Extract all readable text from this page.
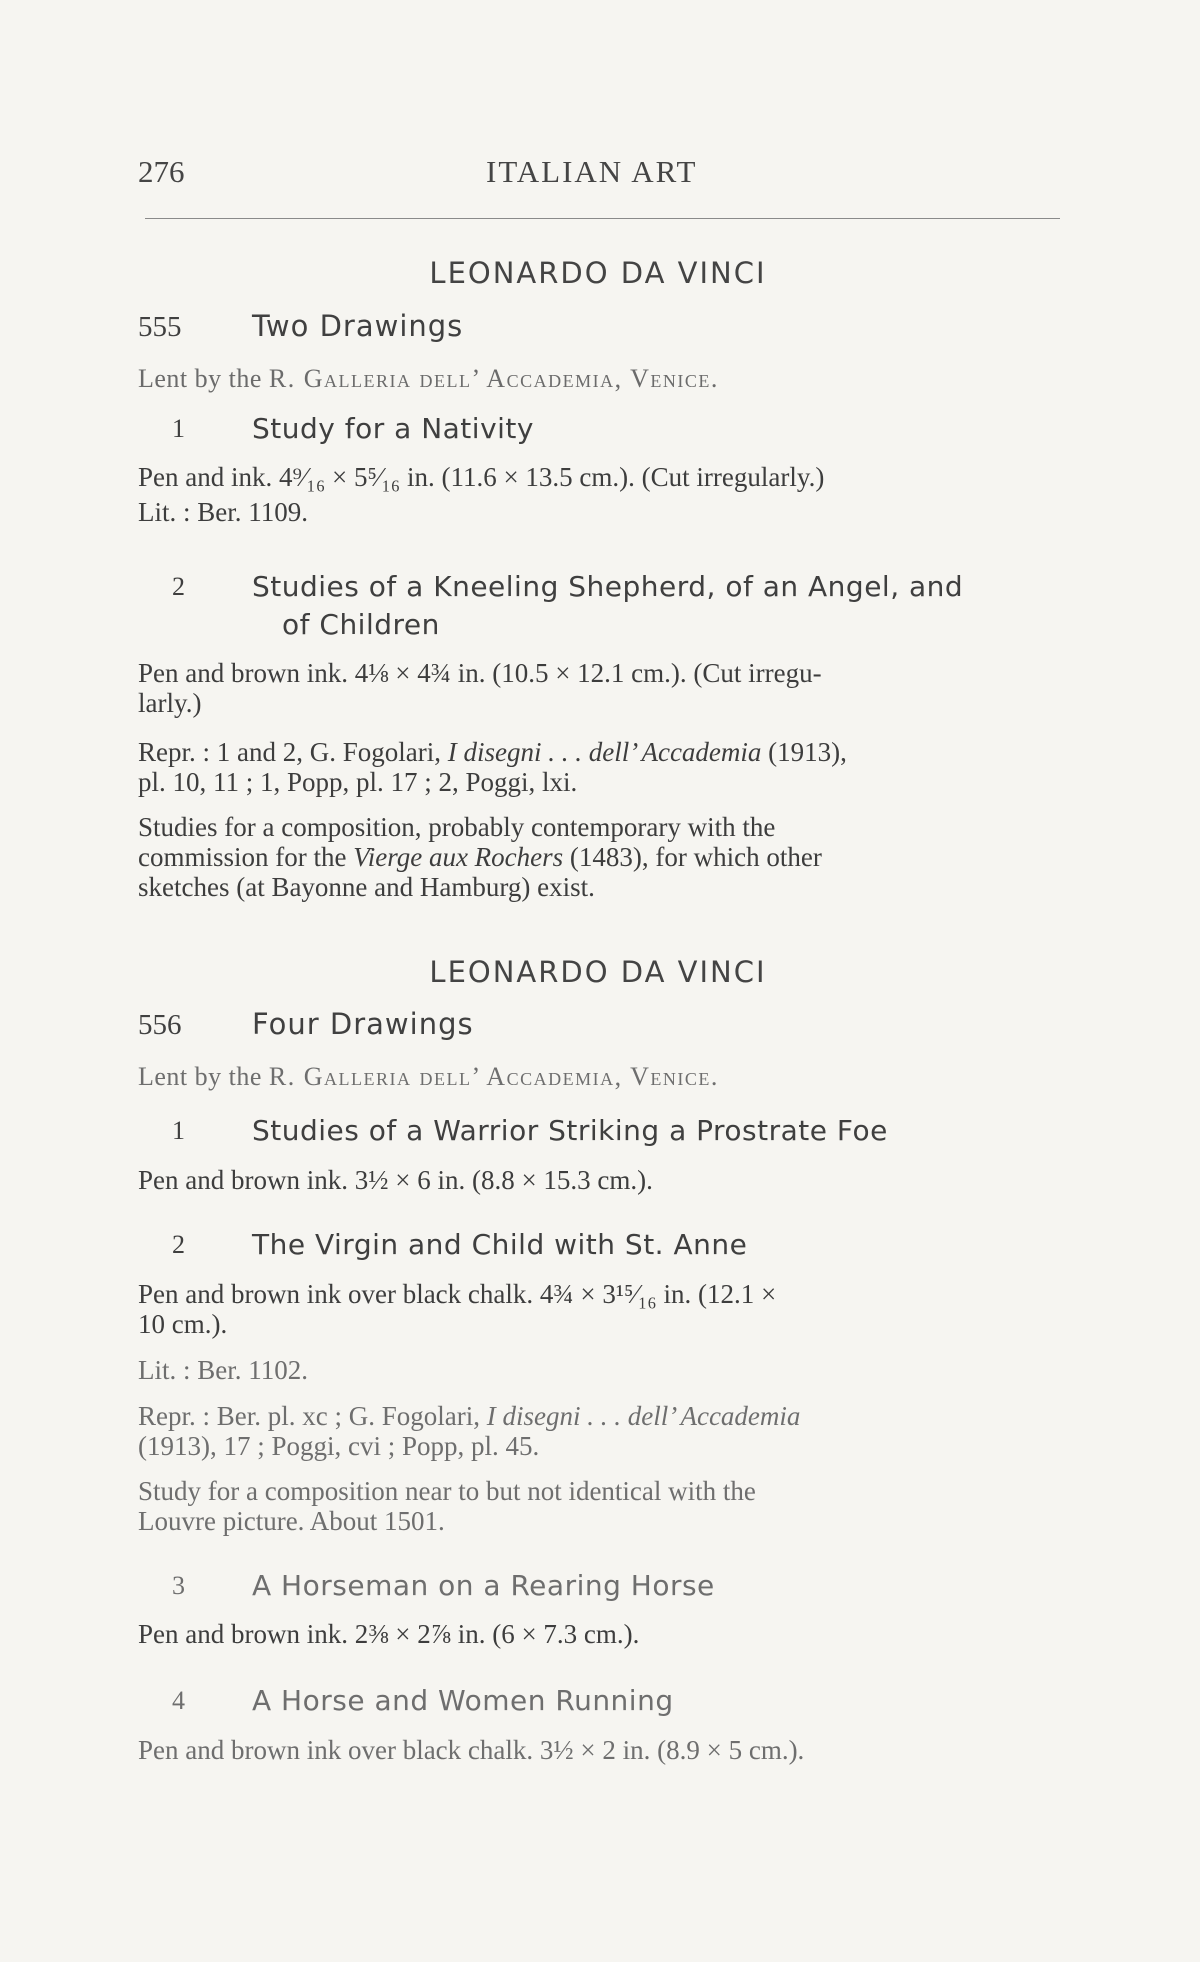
276	ITALIAN ART
LEONARDO DA VINCI
555 Two Drawings
Lent by the R. Galleria dell’ Accademia, Venice.
1 Study for a Nativity
Pen and ink. 4⁹⁄₁₆ × 5⁵⁄₁₆ in. (11.6 × 13.5 cm.). (Cut irregularly.)
Lit. : Ber. 1109.
2 Studies of a Kneeling Shepherd, of an Angel, and
of Children
Pen and brown ink. 4⅛ × 4¾ in. (10.5 × 12.1 cm.). (Cut irregu-
larly.)
Repr. : 1 and 2, G. Fogolari, I disegni . . . dell’ Accademia (1913),
pl. 10, 11 ; 1, Popp, pl. 17 ; 2, Poggi, lxi.
Studies for a composition, probably contemporary with the
commission for the Vierge aux Rochers (1483), for which other
sketches (at Bayonne and Hamburg) exist.
LEONARDO DA VINCI
556 Four Drawings
Lent by the R. Galleria dell’ Accademia, Venice.
1 Studies of a Warrior Striking a Prostrate Foe
Pen and brown ink. 3½ × 6 in. (8.8 × 15.3 cm.).
2 The Virgin and Child with St. Anne
Pen and brown ink over black chalk. 4¾ × 3¹⁵⁄₁₆ in. (12.1 ×
10 cm.).
Lit. : Ber. 1102.
Repr. : Ber. pl. xc ; G. Fogolari, I disegni . . . dell’ Accademia
(1913), 17 ; Poggi, cvi ; Popp, pl. 45.
Study for a composition near to but not identical with the
Louvre picture. About 1501.
3 A Horseman on a Rearing Horse
Pen and brown ink. 2⅜ × 2⅞ in. (6 × 7.3 cm.).
4 A Horse and Women Running
Pen and brown ink over black chalk. 3½ × 2 in. (8.9 × 5 cm.).
